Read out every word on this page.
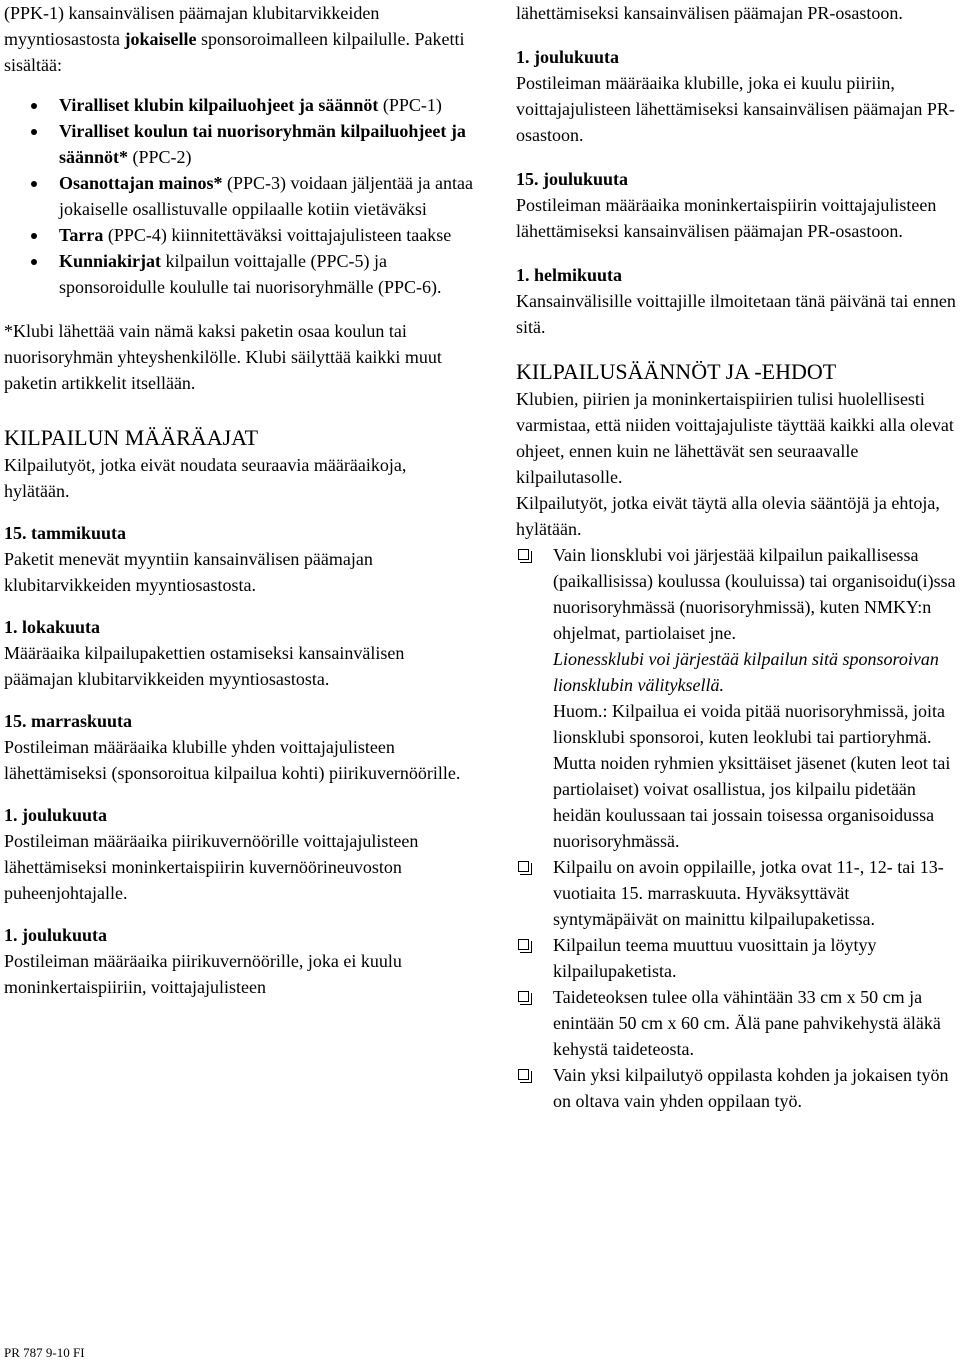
(PPK-1) kansainvälisen päämajan klubitarvikkeiden myyntiosastosta jokaiselle sponsoroimalleen kilpailulle. Paketti sisältää:

Viralliset klubin kilpailuohjeet ja säännöt (PPC-1)
Viralliset koulun tai nuorisoryhmän kilpailuohjeet ja säännöt* (PPC-2)
Osanottajan mainos* (PPC-3) voidaan jäljentää ja antaa jokaiselle osallistuvalle oppilaalle kotiin vietäväksi
Tarra (PPC-4) kiinnitettäväksi voittajajulisteen taakse
Kunniakirjat kilpailun voittajalle (PPC-5) ja sponsoroidulle koululle tai nuorisoryhmälle (PPC-6).

*Klubi lähettää vain nämä kaksi paketin osaa koulun tai nuorisoryhmän yhteyshenkilölle. Klubi säilyttää kaikki muut paketin artikkelit itsellään.

KILPAILUN MÄÄRÄAJAT

Kilpailutyöt, jotka eivät noudata seuraavia määräaikoja, hylätään.

15. tammikuuta

Paketit menevät myyntiin kansainvälisen päämajan klubitarvikkeiden myyntiosastosta.

1. lokakuuta

Määräaika kilpailupakettien ostamiseksi kansainvälisen päämajan klubitarvikkeiden myyntiosastosta.

15. marraskuuta

Postileiman määräaika klubille yhden voittajajulisteen lähettämiseksi (sponsoroitua kilpailua kohti) piirikuvernöörille.

1. joulukuuta

Postileiman määräaika piirikuvernöörille voittajajulisteen lähettämiseksi moninkertaispiirin kuvernöörineuvoston puheenjohtajalle.

1. joulukuuta

Postileiman määräaika piirikuvernöörille, joka ei kuulu moninkertaispiiriin, voittajajulisteen

lähettämiseksi kansainvälisen päämajan PR-osastoon.

1. joulukuuta

Postileiman määräaika klubille, joka ei kuulu piiriin, voittajajulisteen lähettämiseksi kansainvälisen päämajan PR-osastoon.

15. joulukuuta

Postileiman määräaika moninkertaispiirin voittajajulisteen lähettämiseksi kansainvälisen päämajan PR-osastoon.

1. helmikuuta

Kansainvälisille voittajille ilmoitetaan tänä päivänä tai ennen sitä.

KILPAILUSÄÄNNÖT JA -EHDOT

Klubien, piirien ja moninkertaispiirien tulisi huolellisesti varmistaa, että niiden voittajajuliste täyttää kaikki alla olevat ohjeet, ennen kuin ne lähettävät sen seuraavalle kilpailutasolle.

Kilpailutyöt, jotka eivät täytä alla olevia sääntöjä ja ehtoja, hylätään.

Vain lionsklubi voi järjestää kilpailun paikallisessa (paikallisissa) koulussa (kouluissa) tai organisoidu(i)ssa nuorisoryhmässä (nuorisoryhmissä), kuten NMKY:n ohjelmat, partiolaiset jne.
Lionessklubi voi järjestää kilpailun sitä sponsoroivan lionsklubin välityksellä.
Huom.: Kilpailua ei voida pitää nuorisoryhmissä, joita lionsklubi sponsoroi, kuten leoklubi tai partioryhmä. Mutta noiden ryhmien yksittäiset jäsenet (kuten leot tai partiolaiset) voivat osallistua, jos kilpailu pidetään heidän koulussaan tai jossain toisessa organisoidussa nuorisoryhmässä.
Kilpailu on avoin oppilaille, jotka ovat 11-, 12- tai 13-vuotiaita 15. marraskuuta. Hyväksyttävät syntymäpäivät on mainittu kilpailupaketissa.
Kilpailun teema muuttuu vuosittain ja löytyy kilpailupaketista.
Taideteoksen tulee olla vähintään 33 cm x 50 cm ja enintään 50 cm x 60 cm. Älä pane pahvikehystä äläkä kehystä taideteosta.
Vain yksi kilpailutyö oppilasta kohden ja jokaisen työn on oltava vain yhden oppilaan työ.
PR 787 9-10 FI
